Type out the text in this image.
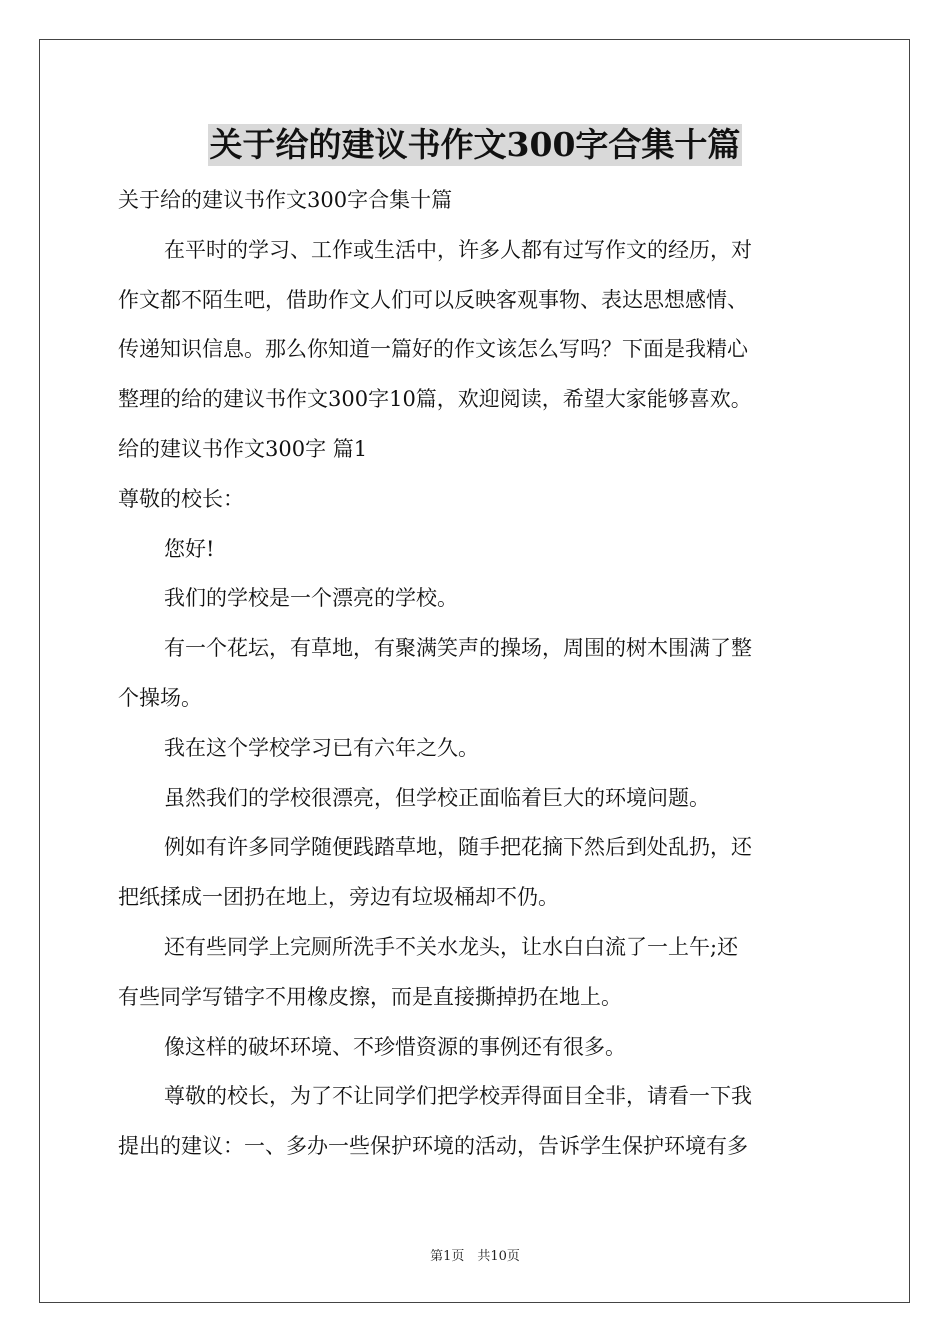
关于给的建议书作文300字合集十篇

关于给的建议书作文300字合集十篇

在平时的学习、工作或生活中，许多人都有过写作文的经历，对

作文都不陌生吧，借助作文人们可以反映客观事物、表达思想感情、

传递知识信息。那么你知道一篇好的作文该怎么写吗？下面是我精心

整理的给的建议书作文300字10篇，欢迎阅读，希望大家能够喜欢。

给的建议书作文300字 篇1

尊敬的校长：

您好!

我们的学校是一个漂亮的学校。

有一个花坛，有草地，有聚满笑声的操场，周围的树木围满了整

个操场。

我在这个学校学习已有六年之久。

虽然我们的学校很漂亮，但学校正面临着巨大的环境问题。

例如有许多同学随便践踏草地，随手把花摘下然后到处乱扔，还

把纸揉成一团扔在地上，旁边有垃圾桶却不仍。

还有些同学上完厕所洗手不关水龙头，让水白白流了一上午;还

有些同学写错字不用橡皮擦，而是直接撕掉扔在地上。

像这样的破坏环境、不珍惜资源的事例还有很多。

尊敬的校长，为了不让同学们把学校弄得面目全非，请看一下我

提出的建议：一、多办一些保护环境的活动，告诉学生保护环境有多

第1页　共10页
